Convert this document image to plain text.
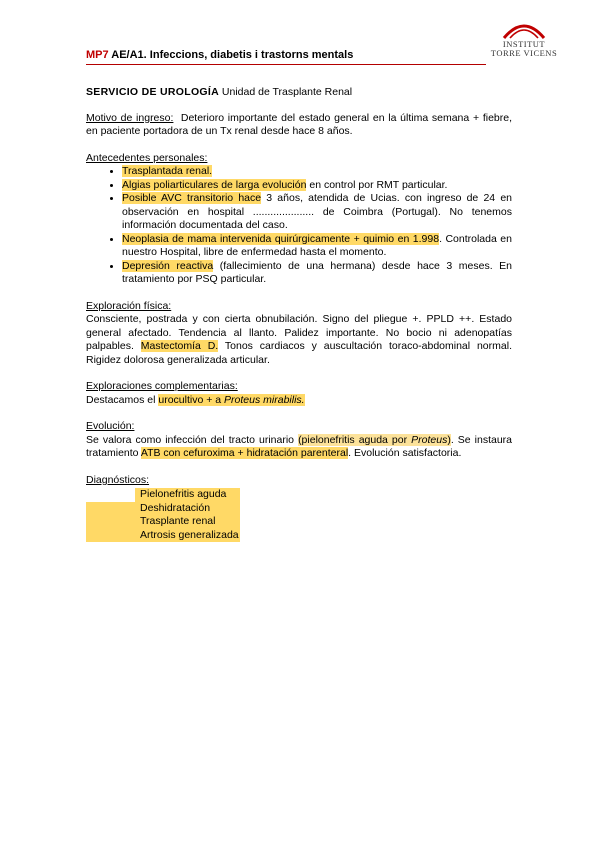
MP7 AE/A1. Infeccions, diabetis i trastorns mentals
INSTITUT
TORRE VICENS
SERVICIO DE UROLOGÍA Unidad de Trasplante Renal

Motivo de ingreso: Deterioro importante del estado general en la última semana + fiebre, en paciente portadora de un Tx renal desde hace 8 años.

Antecedentes personales:
• Trasplantada renal.
• Algias poliarticulares de larga evolución en control por RMT particular.
• Posible AVC transitorio hace 3 años, atendida de Ucias. con ingreso de 24 en observación en hospital ..................... de Coimbra (Portugal). No tenemos información documentada del caso.
• Neoplasia de mama intervenida quirúrgicamente + quimio en 1.998. Controlada en nuestro Hospital, libre de enfermedad hasta el momento.
• Depresión reactiva (fallecimiento de una hermana) desde hace 3 meses. En tratamiento por PSQ particular.
Exploración física:

Consciente, postrada y con cierta obnubilación. Signo del pliegue +. PPLD ++. Estado general afectado. Tendencia al llanto. Palidez importante. No bocio ni adenopatías palpables. Mastectomía D. Tonos cardiacos y auscultación toraco-abdominal normal. Rigidez dolorosa generalizada articular.

Exploraciones complementarias:

Destacamos el urocultivo + a Proteus mirabilis.

Evolución:

Se valora como infección del tracto urinario (pielonefritis aguda por Proteus). Se instaura tratamiento ATB con cefuroxima + hidratación parenteral. Evolución satisfactoria.

Diagnósticos:
	Pielonefritis aguda
	Deshidratación
	Trasplante renal
	Artrosis generalizada
